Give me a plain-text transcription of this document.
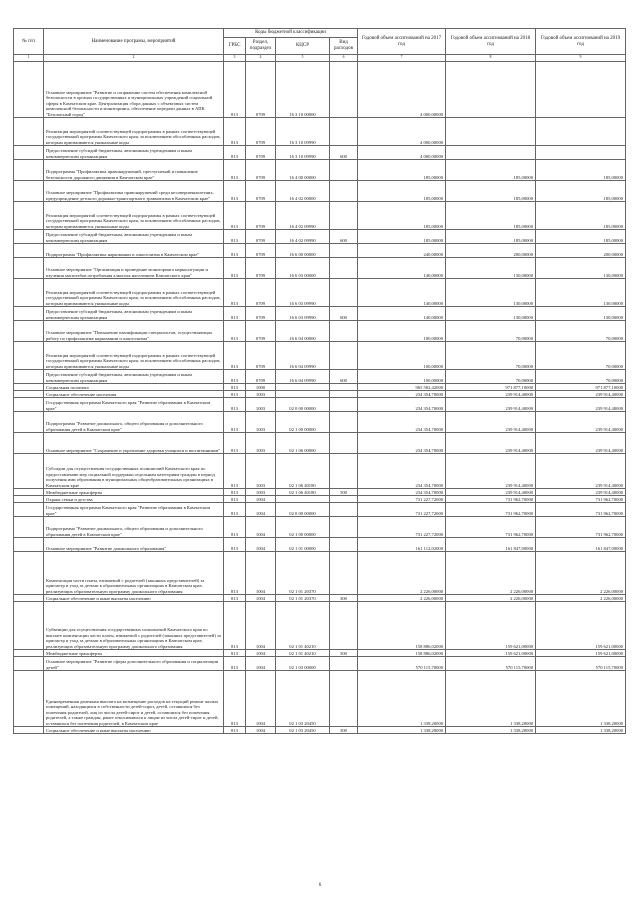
№ п/п	Наименование програмы, мероприятий	Коды бюджетной классификации				Годовой объем ассигнований на 2017 год	Годовой объем ассигнований на 2018 год	Годовой объем ассигнований на 2019 год
		ГРБС	Раздел, подраздел	КЦСР	Вид расходов			
1	2	3	4	5	6	7	8	9
	Основное мероприятие "Развитие и сопряжение систем обеспечения комплексной безопасности в органах государственных и муниципальных учреждений социальной сферы в Камчатском крае. Централизация сбора данных с объектовых систем комплексной безопасности и мониторинга, обеспечение передачи данных в АПК "Безопасный город"	813	0709	16 3 10 00000		4 000,00000		
	Реализация мероприятий соответствующей подпрограммы в рамках соответствующей государственной программы Камчатского края, за исключением обособленных расходов, которым присваиваются уникальные коды	813	0709	16 3 10 09990		4 000,00000		
	Предоставление субсидий бюджетным, автономным учреждениям и иным некоммерческим организациям	813	0709	16 3 10 09990	600	4 000,00000		
	Подпрограмма "Профилактика правонарушений, преступлений и повышение безопасности дорожного движения в Камчатском крае"	813	0709	16 4 00 00000		185,00000	185,00000	185,00000
	Основное мероприятие "Профилактика правонарушений среди несовершеннолетних, предупреждение детского дорожно-транспортного травматизма в Камчатском крае"	813	0709	16 4 02 00000		185,00000	185,00000	185,00000
	Реализация мероприятий соответствующей подпрограммы в рамках соответствующей государственной программы Камчатского края, за исключением обособленных расходов, которым присваиваются уникальные коды	813	0709	16 4 02 09990		185,00000	185,00000	185,00000
	Предоставление субсидий бюджетным, автономным учреждениям и иным некоммерческим организациям	813	0709	16 4 02 09990	600	185,00000	185,00000	185,00000
	Подпрограмма "Профилактика наркомании и алкоголизма в Камчатском крае"	813	0709	16 6 00 00000		240,00000	200,00000	200,00000
	Основное мероприятие "Организация и проведение мониторинга наркоситуации и изучения масштабов потребления алкоголя населением Камчатского края"	813	0709	16 6 03 00000		140,00000	130,00000	130,00000
	Реализация мероприятий соответствующей подпрограммы в рамках соответствующей государственной программы Камчатского края, за исключением обособленных расходов, которым присваиваются уникальные коды	813	0709	16 6 03 09990		140,00000	130,00000	130,00000
	Предоставление субсидий бюджетным, автономным учреждениям и иным некоммерческим организациям	813	0709	16 6 03 09990	600	140,00000	130,00000	130,00000
	Основное мероприятие "Повышение квалификации специалистов, осуществляющих работу по профилактике наркомании и алкоголизма"	813	0709	16 6 04 00000		100,00000	70,00000	70,00000
	Реализация мероприятий соответствующей подпрограммы в рамках соответствующей государственной программы Камчатского края, за исключением обособленных расходов, которым присваиваются уникальные коды	813	0709	16 6 04 09990		100,00000	70,00000	70,00000
	Предоставление субсидий бюджетным, автономным учреждениям и иным некоммерческим организациям	813	0709	16 6 04 09990	600	100,00000	70,00000	70,00000
	Социальная политика	813	1000			965 582,42000	971 877,10000	971 877,10000
	Социальное обеспечение населения	813	1003			234 354,70000	239 914,40000	239 914,40000
	Государственная программа Камчатского края "Развитие образования в Камчатском крае"	813	1003	02 0 00 00000		234 354,70000	239 914,40000	239 914,40000
	Подпрограмма "Развитие дошкольного, общего образования и дополнительного образования детей в Камчатском крае"	813	1003	02 1 00 00000		234 354,70000	239 914,40000	239 914,40000
	Основное мероприятие "Сохранение и укрепление здоровья учащихся и воспитанников"	813	1003	02 1 06 00000		234 354,70000	239 914,40000	239 914,40000
	Субсидии для осуществления государственных полномочий Камчатского края по предоставлению мер социальной поддержки отдельным категориям граждан в период получения ими образования в муниципальных общеобразовательных организациях в Камчатском крае	813	1003	02 1 06 40180		234 354,70000	239 914,40000	239 914,40000
	Межбюджетные трансферты	813	1003	02 1 06 40180	500	234 354,70000	239 914,40000	239 914,40000
	Охрана семьи и детства	813	1004			731 227,72000	731 962,70000	731 962,70000
	Государственная программа Камчатского края "Развитие образования в Камчатском крае"	813	1004	02 0 00 00000		731 227,72000	731 962,70000	731 962,70000
	Подпрограмма "Развитие дошкольного, общего образования и дополнительного образования детей в Камчатском крае"	813	1004	02 1 00 00000		731 227,72000	731 962,70000	731 962,70000
	Основное мероприятие "Развитие дошкольного образования"	813	1004	02 1 01 00000		161 112,02000	161 847,00000	161 847,00000
	Компенсация части платы, взимаемой с родителей (законных представителей) за присмотр и уход за детьми в образовательных организациях в Камчатском крае, реализующих образовательную программу дошкольного образования	813	1004	02 1 01 20370		2 226,00000	2 226,00000	2 226,00000
	Социальное обеспечение и иные выплаты населению	813	1004	02 1 01 20370	300	2 226,00000	2 226,00000	2 226,00000
	Субвенции для осуществления государственных полномочий Камчатского края по выплате компенсации части платы, взимаемой с родителей (законных представителей) за присмотр и уход за детьми в образовательных организациях в Камчатском крае, реализующих образовательную программу дошкольного образования	813	1004	02 1 01 40210		158 886,02000	159 621,00000	159 621,00000
	Межбюджетные трансферты	813	1004	02 1 01 40210	500	158 886,02000	159 621,00000	159 621,00000
	Основное мероприятие "Развитие сферы дополнительного образования и социализации детей"	813	1004	02 1 03 00000		570 115,70000	570 115,70000	570 115,70000
	Единовременная денежная выплата на возмещение расходов на текущий ремонт жилых помещений, находящихся в собственности детей-сирот, детей, оставшихся без попечения родителей, лиц из числа детей-сирот и детей, оставшихся без попечения родителей, а также граждан, ранее относившихся к лицам из числа детей-сирот и детей, оставшихся без попечения родителей, в Камчатском крае	813	1004	02 1 03 20450		1 338,20000	1 338,20000	1 338,20000
	Социальное обеспечение и иные выплаты населению	813	1004	02 1 03 20450	300	1 338,20000	1 338,20000	1 338,20000
6
